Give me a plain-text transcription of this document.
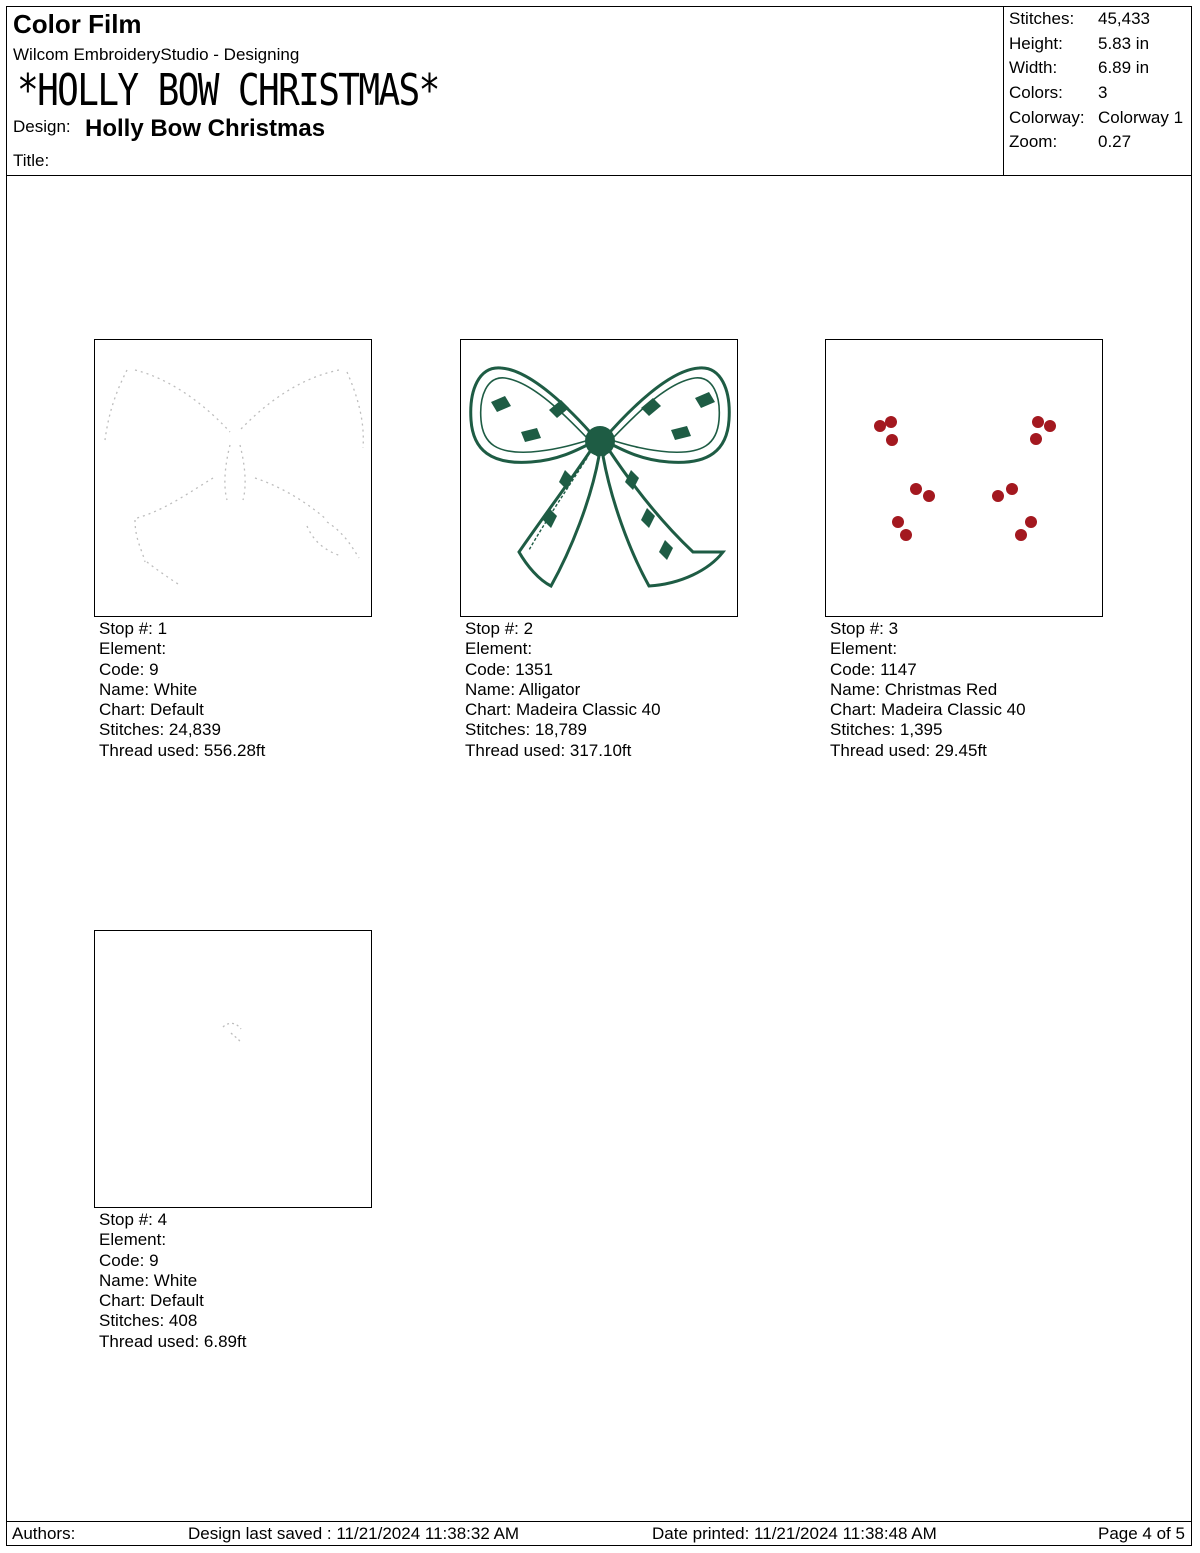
Color Film
Wilcom EmbroideryStudio - Designing
*HOLLY BOW CHRISTMAS*
Design: Holly Bow Christmas
Title:
Stitches: 45,433
Height: 5.83 in
Width: 6.89 in
Colors: 3
Colorway: Colorway 1
Zoom: 0.27
Stop #: 1
Element:
Code: 9
Name: White
Chart: Default
Stitches: 24,839
Thread used: 556.28ft
Stop #: 2
Element:
Code: 1351
Name: Alligator
Chart: Madeira Classic 40
Stitches: 18,789
Thread used: 317.10ft
Stop #: 3
Element:
Code: 1147
Name: Christmas Red
Chart: Madeira Classic 40
Stitches: 1,395
Thread used: 29.45ft
Stop #: 4
Element:
Code: 9
Name: White
Chart: Default
Stitches: 408
Thread used: 6.89ft
Authors:	Design last saved : 11/21/2024 11:38:32 AM	Date printed: 11/21/2024 11:38:48 AM	Page 4 of 5
